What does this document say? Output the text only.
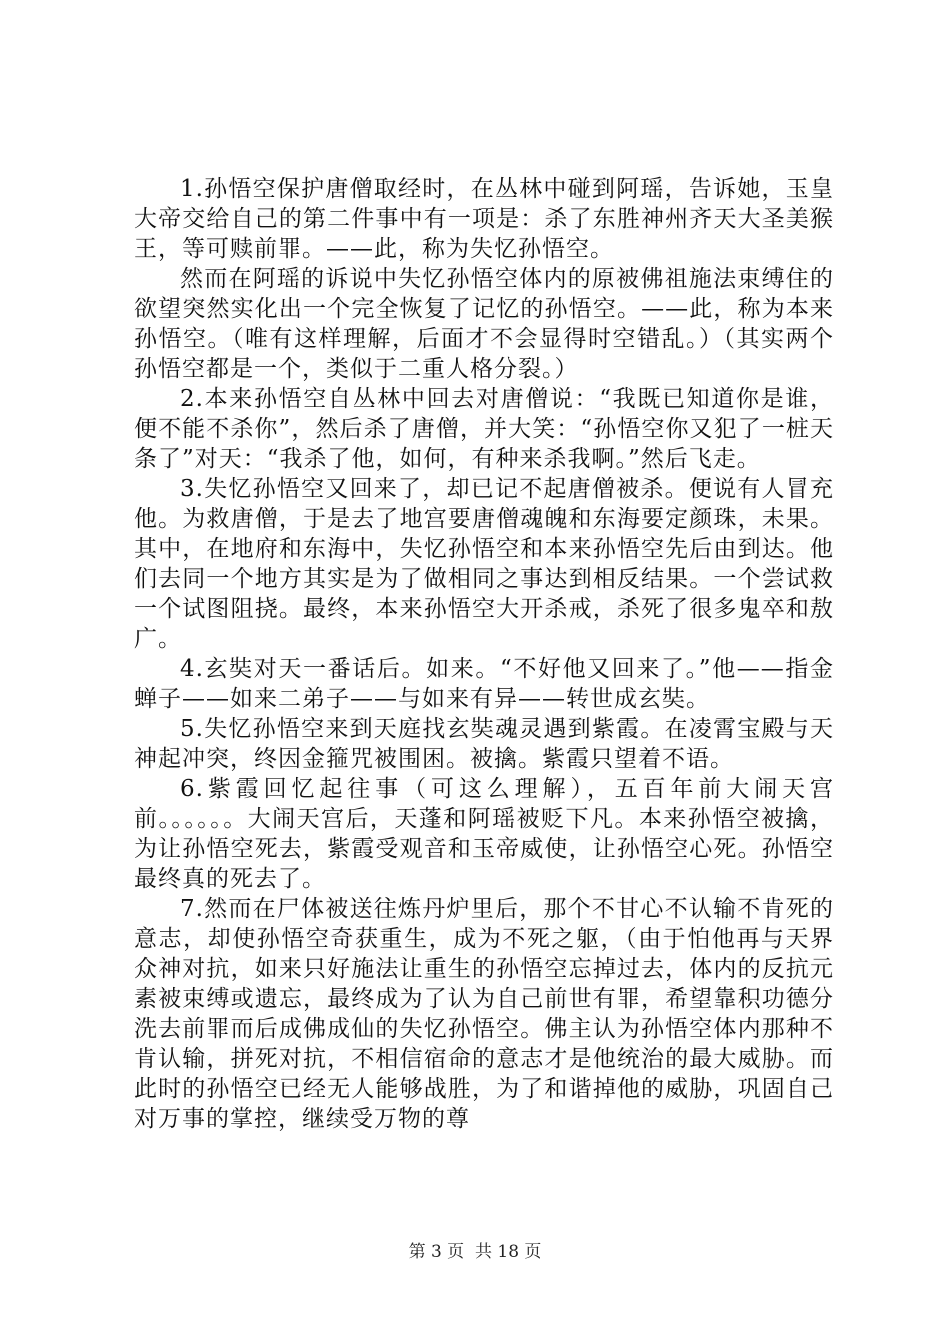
1.孙悟空保护唐僧取经时，在丛林中碰到阿瑶，告诉她，玉皇大帝交给自己的第二件事中有一项是：杀了东胜神州齐天大圣美猴王，等可赎前罪。——此，称为失忆孙悟空。

然而在阿瑶的诉说中失忆孙悟空体内的原被佛祖施法束缚住的欲望突然实化出一个完全恢复了记忆的孙悟空。——此，称为本来孙悟空。（唯有这样理解，后面才不会显得时空错乱。）（其实两个孙悟空都是一个，类似于二重人格分裂。）

2.本来孙悟空自丛林中回去对唐僧说：“我既已知道你是谁，便不能不杀你”，然后杀了唐僧，并大笑：“孙悟空你又犯了一桩天条了”对天：“我杀了他，如何，有种来杀我啊。”然后飞走。

3.失忆孙悟空又回来了，却已记不起唐僧被杀。便说有人冒充他。为救唐僧，于是去了地宫要唐僧魂魄和东海要定颜珠，未果。其中，在地府和东海中，失忆孙悟空和本来孙悟空先后由到达。他们去同一个地方其实是为了做相同之事达到相反结果。一个尝试救一个试图阻挠。最终，本来孙悟空大开杀戒，杀死了很多鬼卒和敖广。

4.玄奘对天一番话后。如来。“不好他又回来了。”他——指金蝉子——如来二弟子——与如来有异——转世成玄奘。

5.失忆孙悟空来到天庭找玄奘魂灵遇到紫霞。在凌霄宝殿与天神起冲突，终因金箍咒被围困。被擒。紫霞只望着不语。

6.紫霞回忆起往事（可这么理解），五百年前大闹天宫前。。。。。。大闹天宫后，天蓬和阿瑶被贬下凡。本来孙悟空被擒，为让孙悟空死去，紫霞受观音和玉帝威使，让孙悟空心死。孙悟空最终真的死去了。

7.然而在尸体被送往炼丹炉里后，那个不甘心不认输不肯死的意志，却使孙悟空奇获重生，成为不死之躯，（由于怕他再与天界众神对抗，如来只好施法让重生的孙悟空忘掉过去，体内的反抗元素被束缚或遗忘，最终成为了认为自己前世有罪，希望靠积功德分洗去前罪而后成佛成仙的失忆孙悟空。佛主认为孙悟空体内那种不肯认输，拼死对抗，不相信宿命的意志才是他统治的最大威胁。而此时的孙悟空已经无人能够战胜，为了和谐掉他的威胁，巩固自己对万事的掌控，继续受万物的尊

第 3 页  共 18 页
